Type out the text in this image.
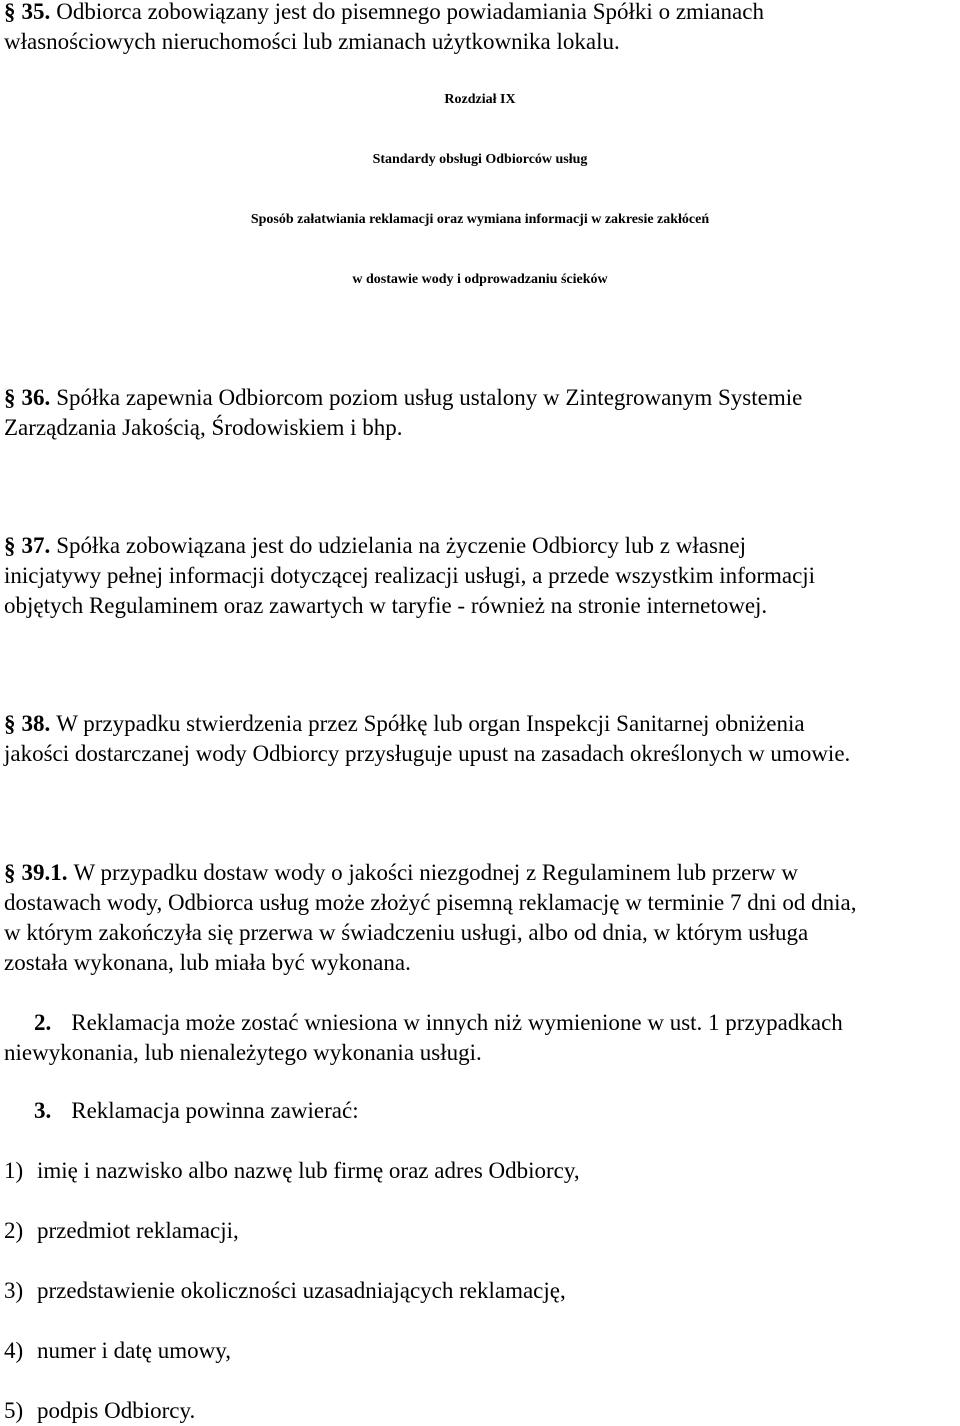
§ 35. Odbiorca zobowiązany jest do pisemnego powiadamiania Spółki o zmianach

własnościowych nieruchomości lub zmianach użytkownika lokalu.

Rozdział IX

Standardy obsługi Odbiorców usług

Sposób załatwiania reklamacji oraz wymiana informacji w zakresie zakłóceń

w dostawie wody i odprowadzaniu ścieków

§ 36. Spółka zapewnia Odbiorcom poziom usług ustalony w Zintegrowanym Systemie

Zarządzania Jakością, Środowiskiem i bhp.

§ 37. Spółka zobowiązana jest do udzielania na życzenie Odbiorcy lub z własnej

inicjatywy pełnej informacji dotyczącej realizacji usługi, a przede wszystkim informacji

objętych Regulaminem oraz zawartych w taryfie - również na stronie internetowej.

§ 38. W przypadku stwierdzenia przez Spółkę lub organ Inspekcji Sanitarnej obniżenia

jakości dostarczanej wody Odbiorcy przysługuje upust na zasadach określonych w umowie.

§ 39.1. W przypadku dostaw wody o jakości niezgodnej z Regulaminem lub przerw w

dostawach wody, Odbiorca usług może złożyć pisemną reklamację w terminie 7 dni od dnia,

w którym zakończyła się przerwa w świadczeniu usługi, albo od dnia, w którym usługa

została wykonana, lub miała być wykonana.

2. Reklamacja może zostać wniesiona w innych niż wymienione w ust. 1 przypadkach

niewykonania, lub nienależytego wykonania usługi.

3. Reklamacja powinna zawierać:

1) imię i nazwisko albo nazwę lub firmę oraz adres Odbiorcy,

2) przedmiot reklamacji,

3) przedstawienie okoliczności uzasadniających reklamację,

4) numer i datę umowy,

5) podpis Odbiorcy.
